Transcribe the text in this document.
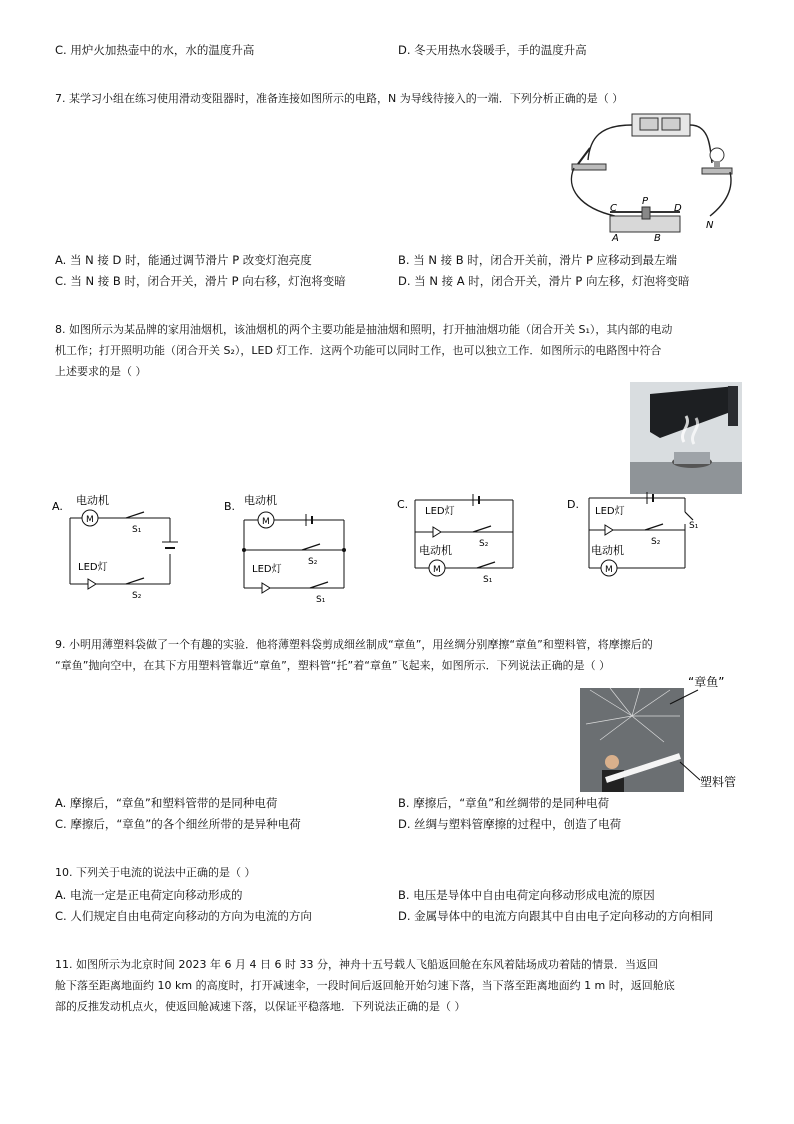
C. 用炉火加热壶中的水，水的温度升高	D. 冬天用热水袋暖手，手的温度升高
7. 某学习小组在练习使用滑动变阻器时，准备连接如图所示的电路，N 为导线待接入的一端．下列分析正确的是（ ）
C
P
D
A	B
N
A. 当 N 接 D 时，能通过调节滑片 P 改变灯泡亮度	B. 当 N 接 B 时，闭合开关前，滑片 P 应移动到最左端
C. 当 N 接 B 时，闭合开关，滑片 P 向右移，灯泡将变暗	D. 当 N 接 A 时，闭合开关，滑片 P 向左移，灯泡将变暗
8. 如图所示为某品牌的家用油烟机，该油烟机的两个主要功能是抽油烟和照明，打开抽油烟功能（闭合开关 S₁），其内部的电动
机工作；打开照明功能（闭合开关 S₂），LED 灯工作．这两个功能可以同时工作，也可以独立工作．如图所示的电路图中符合
上述要求的是（ ）
A. 电动机
M
S₁
LED灯
S₂
B. 电动机
M
S₂
LED灯
S₁
C.
LED灯
S₂
电动机
M
S₁
D.
S₁
LED灯
S₂
电动机
M
9. 小明用薄塑料袋做了一个有趣的实验．他将薄塑料袋剪成细丝制成“章鱼”，用丝绸分别摩擦“章鱼”和塑料管，将摩擦后的
“章鱼”抛向空中，在其下方用塑料管靠近“章鱼”，塑料管“托”着“章鱼”飞起来，如图所示．下列说法正确的是（ ）
“章鱼”
塑料管
A. 摩擦后，“章鱼”和塑料管带的是同种电荷	B. 摩擦后，“章鱼”和丝绸带的是同种电荷
C. 摩擦后，“章鱼”的各个细丝所带的是异种电荷	D. 丝绸与塑料管摩擦的过程中，创造了电荷
10. 下列关于电流的说法中正确的是（ ）
A. 电流一定是正电荷定向移动形成的	B. 电压是导体中自由电荷定向移动形成电流的原因
C. 人们规定自由电荷定向移动的方向为电流的方向	D. 金属导体中的电流方向跟其中自由电子定向移动的方向相同
11. 如图所示为北京时间 2023 年 6 月 4 日 6 时 33 分，神舟十五号载人飞船返回舱在东风着陆场成功着陆的情景．当返回
舱下落至距离地面约 10 km 的高度时，打开减速伞，一段时间后返回舱开始匀速下落，当下落至距离地面约 1 m 时，返回舱底
部的反推发动机点火，使返回舱减速下落，以保证平稳落地．下列说法正确的是（ ）
